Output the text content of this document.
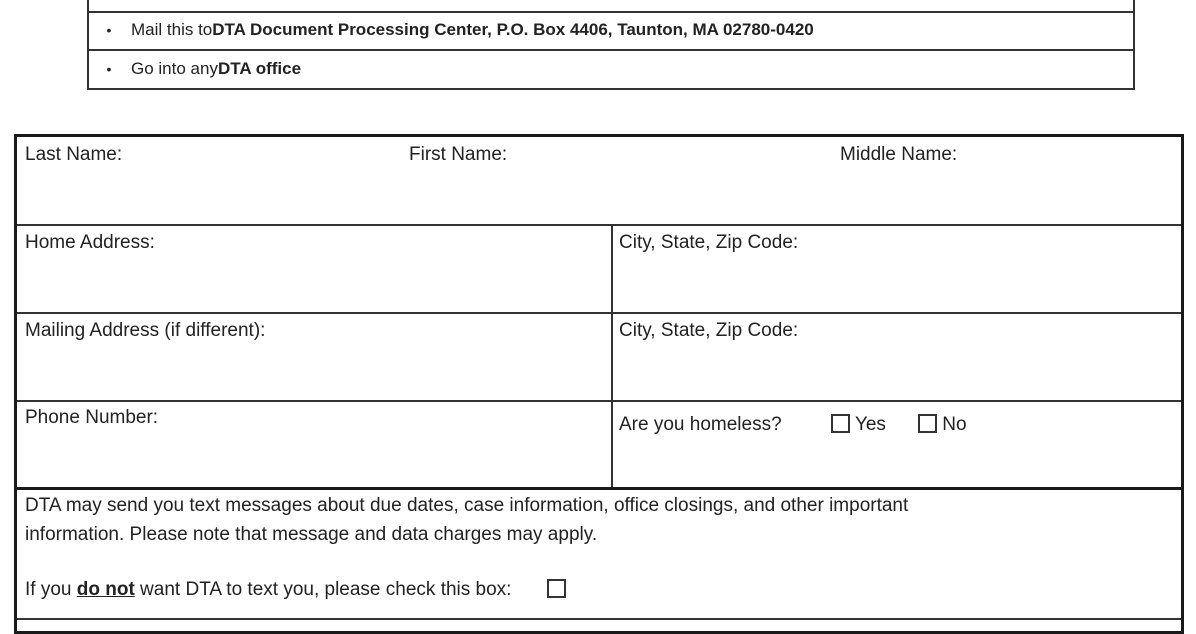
•	Mail this to DTA Document Processing Center, P.O. Box 4406, Taunton, MA 02780-0420
•	Go into any DTA office
Last Name:	First Name:	Middle Name:
Home Address:	City, State, Zip Code:
Mailing Address (if different):	City, State, Zip Code:
Phone Number:	Are you homeless?	Yes	No
DTA may send you text messages about due dates, case information, office closings, and other important
information. Please note that message and data charges may apply.
If you do not want DTA to text you, please check this box:
